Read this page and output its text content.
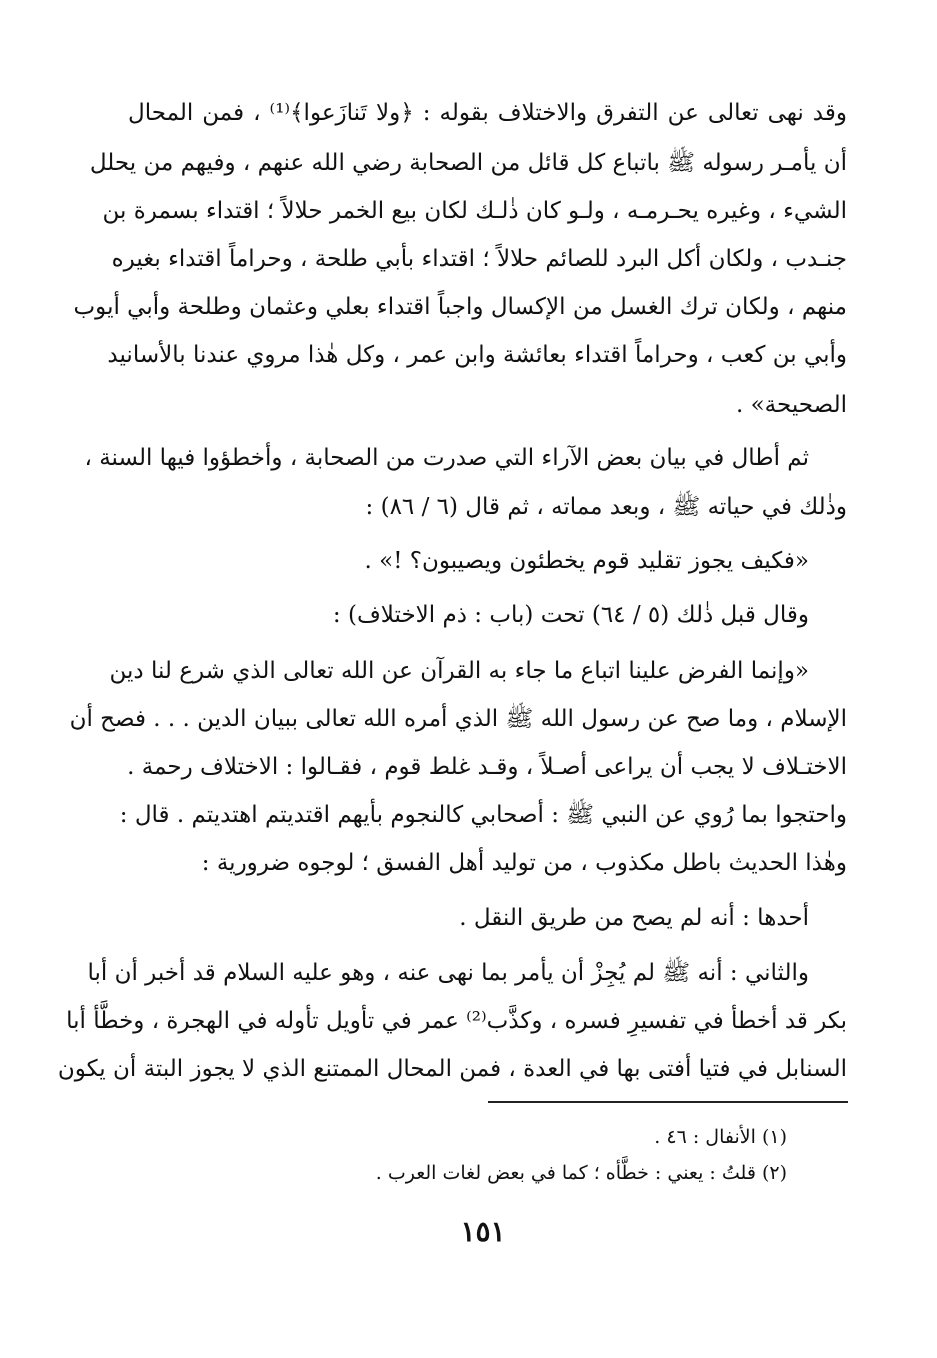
وقد نهى تعالى عن التفرق والاختلاف بقوله : ﴿ولا تَنازَعوا﴾⁽¹⁾ ، فمن المحال
أن يأمـر رسوله ﷺ باتباع كل قائل من الصحابة رضي الله عنهم ، وفيهم من يحلل
الشيء ، وغيره يحـرمـه ، ولـو كان ذٰلـك لكان بيع الخمر حلالاً ؛ اقتداء بسمرة بن
جنـدب ، ولكان أكل البرد للصائم حلالاً ؛ اقتداء بأبي طلحة ، وحراماً اقتداء بغيره
منهم ، ولكان ترك الغسل من الإكسال واجباً اقتداء بعلي وعثمان وطلحة وأبي أيوب
وأبي بن كعب ، وحراماً اقتداء بعائشة وابن عمر ، وكل هٰذا مروي عندنا بالأسانيد
الصحيحة» .
ثم أطال في بيان بعض الآراء التي صدرت من الصحابة ، وأخطؤوا فيها السنة ،
وذٰلك في حياته ﷺ ، وبعد مماته ، ثم قال (٦ / ٨٦) :
«فكيف يجوز تقليد قوم يخطئون ويصيبون؟ !» .
وقال قبل ذٰلك (٥ / ٦٤) تحت (باب : ذم الاختلاف) :
«وإنما الفرض علينا اتباع ما جاء به القرآن عن الله تعالى الذي شرع لنا دين
الإسلام ، وما صح عن رسول الله ﷺ الذي أمره الله تعالى ببيان الدين . . . فصح أن
الاختـلاف لا يجب أن يراعى أصـلاً ، وقـد غلط قوم ، فقـالوا : الاختلاف رحمة .
واحتجوا بما رُوي عن النبي ﷺ : أصحابي كالنجوم بأيهم اقتديتم اهتديتم . قال :
وهٰذا الحديث باطل مكذوب ، من توليد أهل الفسق ؛ لوجوه ضرورية :
أحدها : أنه لم يصح من طريق النقل .
والثاني : أنه ﷺ لم يُجِزْ أن يأمر بما نهى عنه ، وهو عليه السلام قد أخبر أن أبا
بكر قد أخطأ في تفسيرِ فسره ، وكذَّب⁽²⁾ عمر في تأويل تأوله في الهجرة ، وخطَّأ أبا
السنابل في فتيا أفتى بها في العدة ، فمن المحال الممتنع الذي لا يجوز البتة أن يكون
(١) الأنفال : ٤٦ .
(٢) قلتُ : يعني : خطَّأه ؛ كما في بعض لغات العرب .
١٥١
